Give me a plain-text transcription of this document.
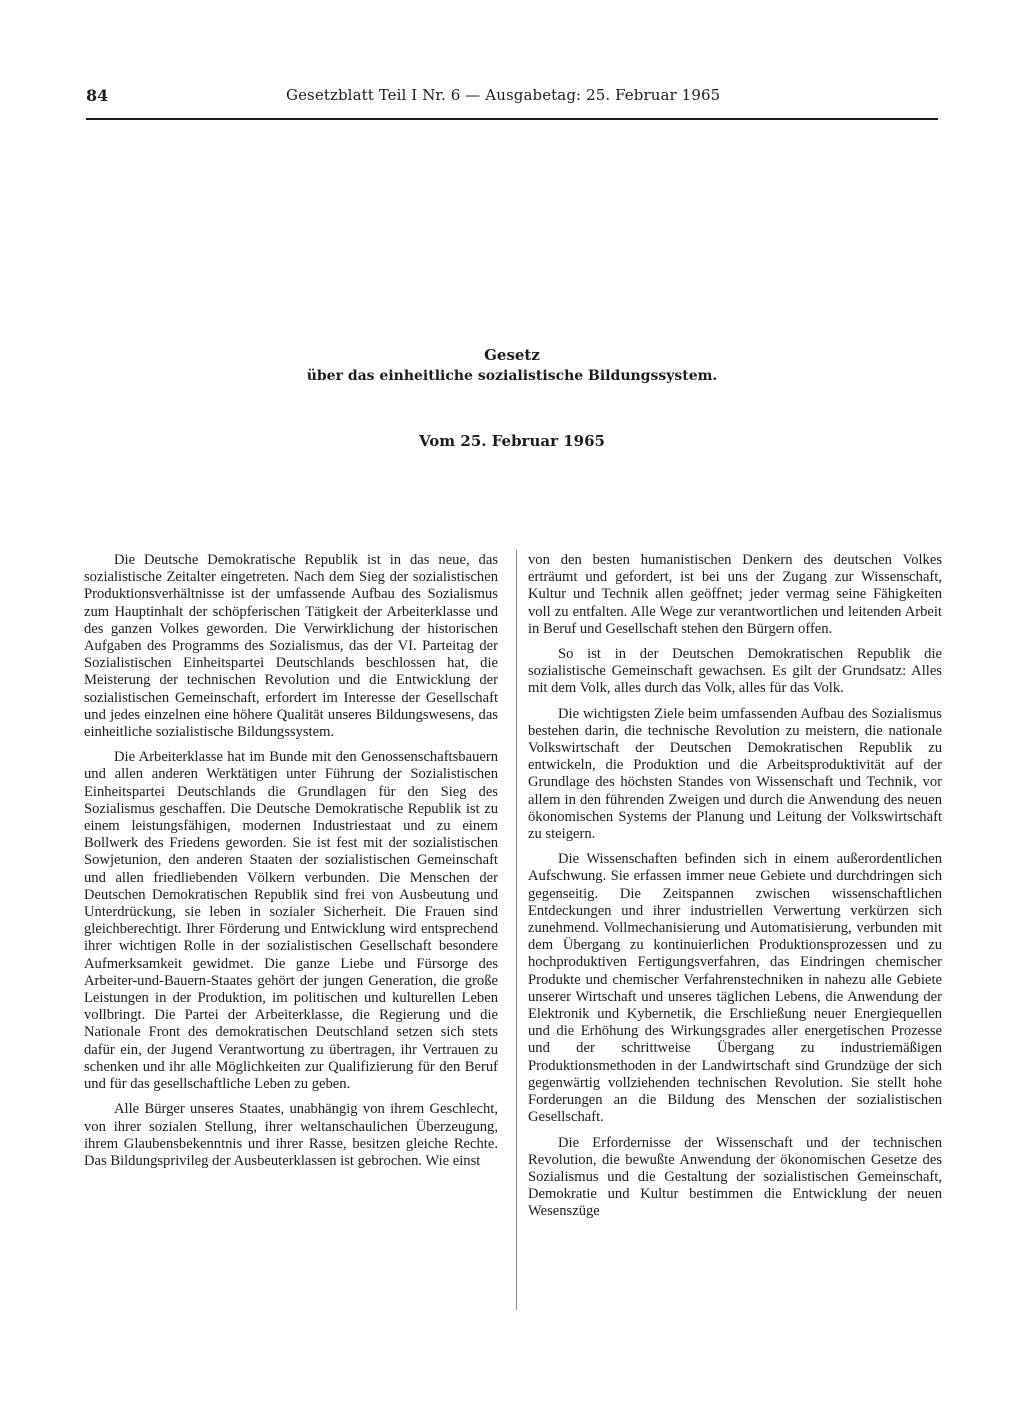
84	Gesetzblatt Teil I Nr. 6 — Ausgabetag: 25. Februar 1965
Gesetz
über das einheitliche sozialistische Bildungssystem.
Vom 25. Februar 1965

Die Deutsche Demokratische Republik ist in das neue, das sozialistische Zeitalter eingetreten. Nach dem Sieg der sozialistischen Produktionsverhältnisse ist der umfassende Aufbau des Sozialismus zum Hauptinhalt der schöpferischen Tätigkeit der Arbeiterklasse und des ganzen Volkes geworden. Die Verwirklichung der historischen Aufgaben des Programms des Sozialismus, das der VI. Parteitag der Sozialistischen Einheitspartei Deutschlands beschlossen hat, die Meisterung der technischen Revolution und die Entwicklung der sozialistischen Gemeinschaft, erfordert im Interesse der Gesellschaft und jedes einzelnen eine höhere Qualität unseres Bildungswesens, das einheitliche sozialistische Bildungssystem.

Die Arbeiterklasse hat im Bunde mit den Genossenschaftsbauern und allen anderen Werktätigen unter Führung der Sozialistischen Einheitspartei Deutschlands die Grundlagen für den Sieg des Sozialismus geschaffen. Die Deutsche Demokratische Republik ist zu einem leistungsfähigen, modernen Industriestaat und zu einem Bollwerk des Friedens geworden. Sie ist fest mit der sozialistischen Sowjetunion, den anderen Staaten der sozialistischen Gemeinschaft und allen friedliebenden Völkern verbunden. Die Menschen der Deutschen Demokratischen Republik sind frei von Ausbeutung und Unterdrückung, sie leben in sozialer Sicherheit. Die Frauen sind gleichberechtigt. Ihrer Förderung und Entwicklung wird entsprechend ihrer wichtigen Rolle in der sozialistischen Gesellschaft besondere Aufmerksamkeit gewidmet. Die ganze Liebe und Fürsorge des Arbeiter-und-Bauern-Staates gehört der jungen Generation, die große Leistungen in der Produktion, im politischen und kulturellen Leben vollbringt. Die Partei der Arbeiterklasse, die Regierung und die Nationale Front des demokratischen Deutschland setzen sich stets dafür ein, der Jugend Verantwortung zu übertragen, ihr Vertrauen zu schenken und ihr alle Möglichkeiten zur Qualifizierung für den Beruf und für das gesellschaftliche Leben zu geben.

Alle Bürger unseres Staates, unabhängig von ihrem Geschlecht, von ihrer sozialen Stellung, ihrer weltanschaulichen Überzeugung, ihrem Glaubensbekenntnis und ihrer Rasse, besitzen gleiche Rechte. Das Bildungsprivileg der Ausbeuterklassen ist gebrochen. Wie einst

von den besten humanistischen Denkern des deutschen Volkes erträumt und gefordert, ist bei uns der Zugang zur Wissenschaft, Kultur und Technik allen geöffnet; jeder vermag seine Fähigkeiten voll zu entfalten. Alle Wege zur verantwortlichen und leitenden Arbeit in Beruf und Gesellschaft stehen den Bürgern offen.

So ist in der Deutschen Demokratischen Republik die sozialistische Gemeinschaft gewachsen. Es gilt der Grundsatz: Alles mit dem Volk, alles durch das Volk, alles für das Volk.

Die wichtigsten Ziele beim umfassenden Aufbau des Sozialismus bestehen darin, die technische Revolution zu meistern, die nationale Volkswirtschaft der Deutschen Demokratischen Republik zu entwickeln, die Produktion und die Arbeitsproduktivität auf der Grundlage des höchsten Standes von Wissenschaft und Technik, vor allem in den führenden Zweigen und durch die Anwendung des neuen ökonomischen Systems der Planung und Leitung der Volkswirtschaft zu steigern.

Die Wissenschaften befinden sich in einem außerordentlichen Aufschwung. Sie erfassen immer neue Gebiete und durchdringen sich gegenseitig. Die Zeitspannen zwischen wissenschaftlichen Entdeckungen und ihrer industriellen Verwertung verkürzen sich zunehmend. Vollmechanisierung und Automatisierung, verbunden mit dem Übergang zu kontinuierlichen Produktionsprozessen und zu hochproduktiven Fertigungsverfahren, das Eindringen chemischer Produkte und chemischer Verfahrenstechniken in nahezu alle Gebiete unserer Wirtschaft und unseres täglichen Lebens, die Anwendung der Elektronik und Kybernetik, die Erschließung neuer Energiequellen und die Erhöhung des Wirkungsgrades aller energetischen Prozesse und der schrittweise Übergang zu industriemäßigen Produktionsmethoden in der Landwirtschaft sind Grundzüge der sich gegenwärtig vollziehenden technischen Revolution. Sie stellt hohe Forderungen an die Bildung des Menschen der sozialistischen Gesellschaft.

Die Erfordernisse der Wissenschaft und der technischen Revolution, die bewußte Anwendung der ökonomischen Gesetze des Sozialismus und die Gestaltung der sozialistischen Gemeinschaft, Demokratie und Kultur bestimmen die Entwicklung der neuen Wesenszüge
